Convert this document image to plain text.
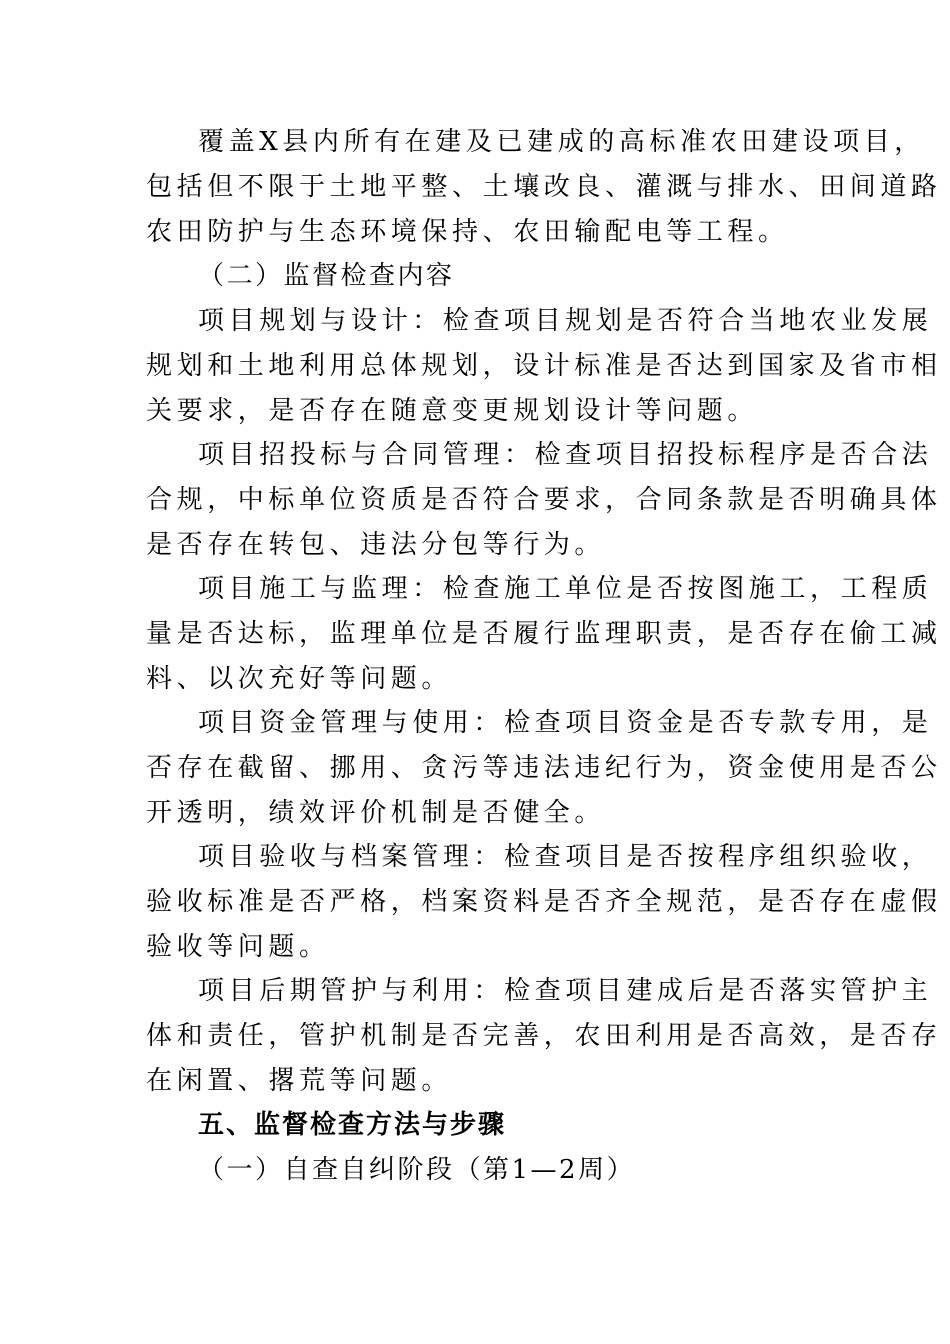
覆盖X县内所有在建及已建成的高标准农田建设项目，
包括但不限于土地平整、土壤改良、灌溉与排水、田间道路
农田防护与生态环境保持、农田输配电等工程。
（二）监督检查内容
项目规划与设计：检查项目规划是否符合当地农业发展
规划和土地利用总体规划，设计标准是否达到国家及省市相
关要求，是否存在随意变更规划设计等问题。
项目招投标与合同管理：检查项目招投标程序是否合法
合规，中标单位资质是否符合要求，合同条款是否明确具体
是否存在转包、违法分包等行为。
项目施工与监理：检查施工单位是否按图施工，工程质
量是否达标，监理单位是否履行监理职责，是否存在偷工减
料、以次充好等问题。
项目资金管理与使用：检查项目资金是否专款专用，是
否存在截留、挪用、贪污等违法违纪行为，资金使用是否公
开透明，绩效评价机制是否健全。
项目验收与档案管理：检查项目是否按程序组织验收，
验收标准是否严格，档案资料是否齐全规范，是否存在虚假
验收等问题。
项目后期管护与利用：检查项目建成后是否落实管护主
体和责任，管护机制是否完善，农田利用是否高效，是否存
在闲置、撂荒等问题。
五、监督检查方法与步骤
（一）自查自纠阶段（第1—2周）
